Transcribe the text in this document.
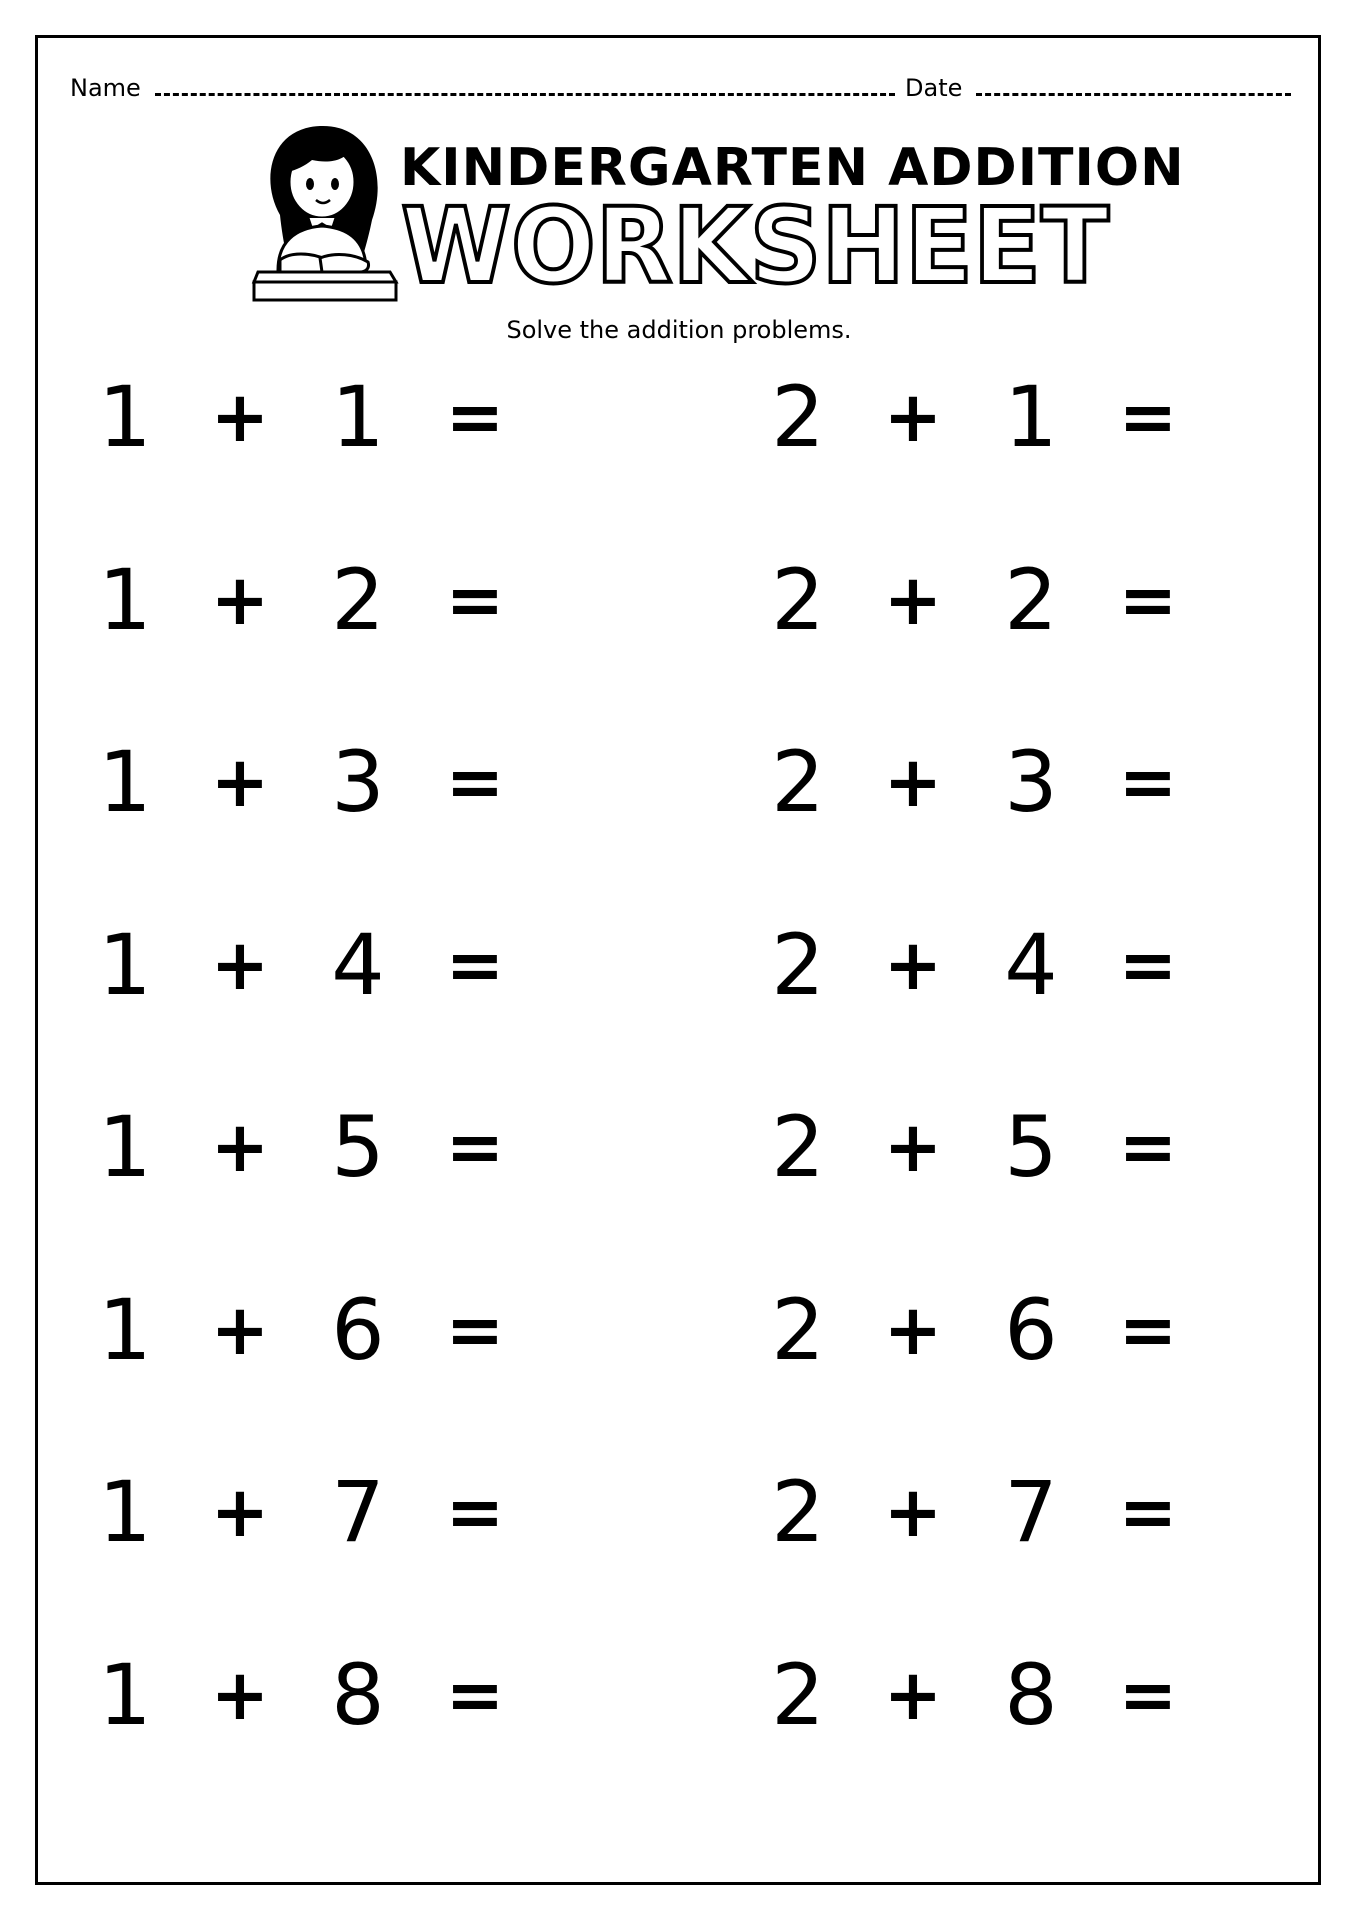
Name	Date
KINDERGARTEN ADDITION
WORKSHEET
Solve the addition problems.
1 + 1 =
1 + 2 =
1 + 3 =
1 + 4 =
1 + 5 =
1 + 6 =
1 + 7 =
1 + 8 =
2 + 1 =
2 + 2 =
2 + 3 =
2 + 4 =
2 + 5 =
2 + 6 =
2 + 7 =
2 + 8 =
